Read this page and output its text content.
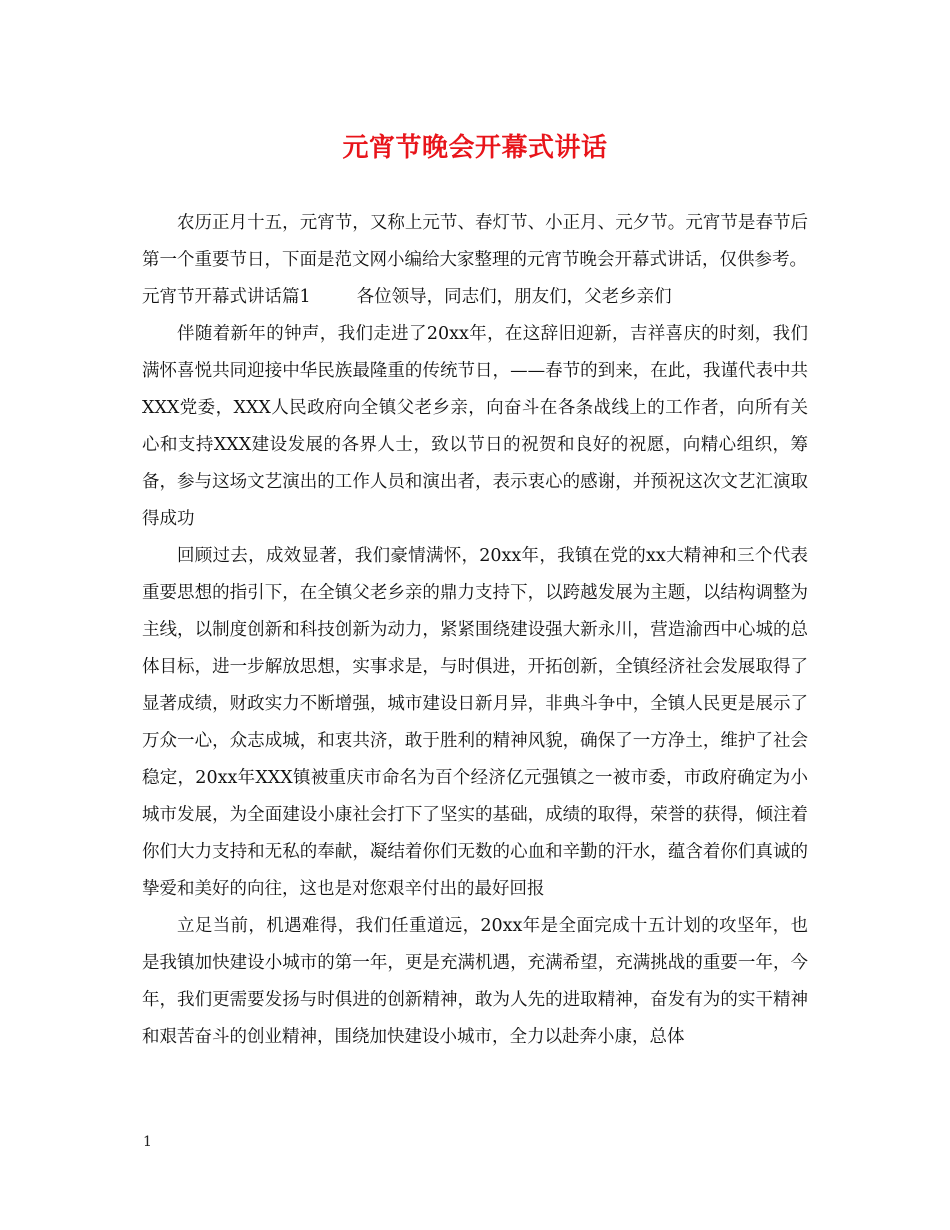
元宵节晚会开幕式讲话

农历正月十五，元宵节，又称上元节、春灯节、小正月、元夕节。元宵节是春节后第一个重要节日，下面是范文网小编给大家整理的元宵节晚会开幕式讲话，仅供参考。

元宵节开幕式讲话篇1	各位领导，同志们，朋友们，父老乡亲们

伴随着新年的钟声，我们走进了20xx年，在这辞旧迎新，吉祥喜庆的时刻，我们满怀喜悦共同迎接中华民族最隆重的传统节日，——春节的到来，在此，我谨代表中共XXX党委，XXX人民政府向全镇父老乡亲，向奋斗在各条战线上的工作者，向所有关心和支持XXX建设发展的各界人士，致以节日的祝贺和良好的祝愿，向精心组织，筹备，参与这场文艺演出的工作人员和演出者，表示衷心的感谢，并预祝这次文艺汇演取得成功

回顾过去，成效显著，我们豪情满怀，20xx年，我镇在党的xx大精神和三个代表重要思想的指引下，在全镇父老乡亲的鼎力支持下，以跨越发展为主题，以结构调整为主线，以制度创新和科技创新为动力，紧紧围绕建设强大新永川，营造渝西中心城的总体目标，进一步解放思想，实事求是，与时俱进，开拓创新，全镇经济社会发展取得了显著成绩，财政实力不断增强，城市建设日新月异，非典斗争中，全镇人民更是展示了万众一心，众志成城，和衷共济，敢于胜利的精神风貌，确保了一方净土，维护了社会稳定，20xx年XXX镇被重庆市命名为百个经济亿元强镇之一被市委，市政府确定为小城市发展，为全面建设小康社会打下了坚实的基础，成绩的取得，荣誉的获得，倾注着你们大力支持和无私的奉献，凝结着你们无数的心血和辛勤的汗水，蕴含着你们真诚的挚爱和美好的向往，这也是对您艰辛付出的最好回报

立足当前，机遇难得，我们任重道远，20xx年是全面完成十五计划的攻坚年，也是我镇加快建设小城市的第一年，更是充满机遇，充满希望，充满挑战的重要一年，今年，我们更需要发扬与时俱进的创新精神，敢为人先的进取精神，奋发有为的实干精神和艰苦奋斗的创业精神，围绕加快建设小城市，全力以赴奔小康，总体

1
